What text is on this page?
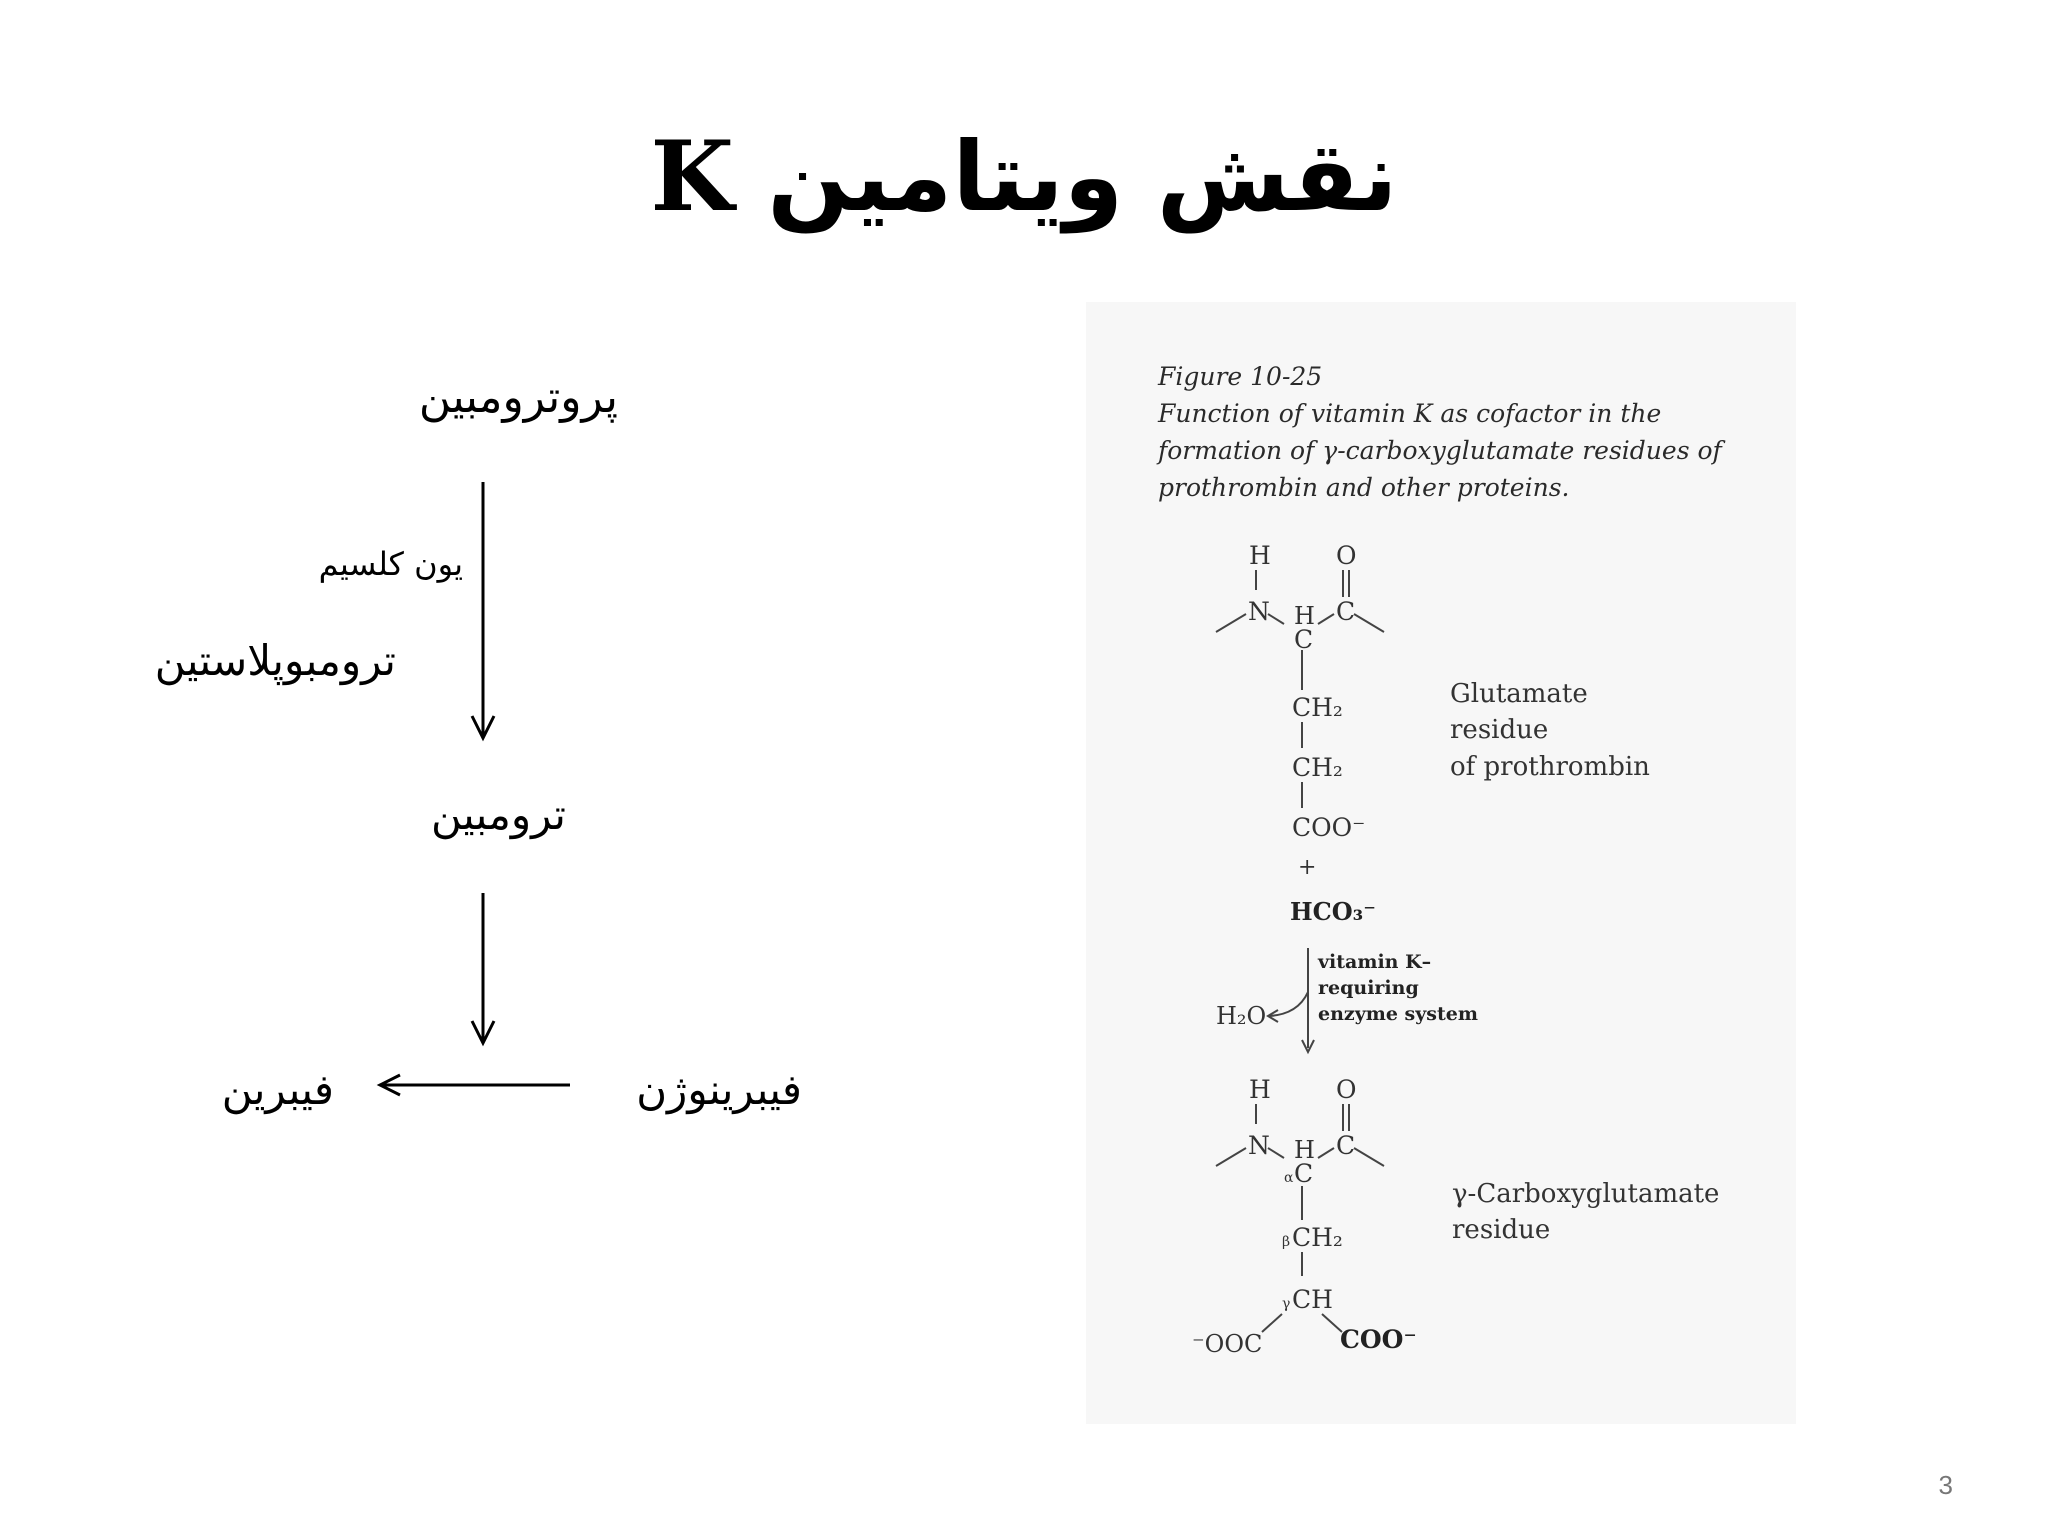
نقش ویتامین K
پروترومبین
یون کلسیم
ترومبوپلاستین
ترومبین
فیبرینوژن
فیبرین
Figure 10-25
Function of vitamin K as cofactor in the formation of γ-carboxyglutamate residues of prothrombin and other proteins.
H	O
N H C
C
CH₂
CH₂
COO⁻
+
HCO₃⁻
Glutamate
residue
of prothrombin
H₂O
vitamin K–
requiring
enzyme system
H	O
N H C
α C
β CH₂
γ CH
⁻OOC	COO⁻
γ-Carboxyglutamate
residue
3
